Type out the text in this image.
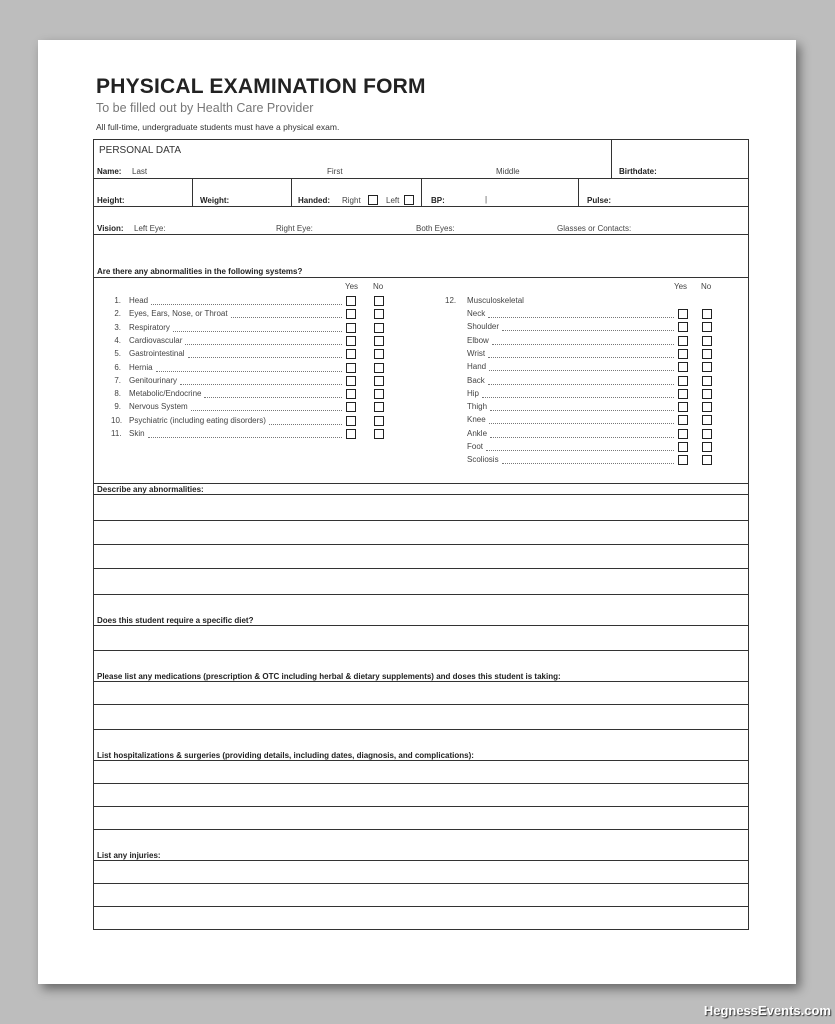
PHYSICAL EXAMINATION FORM
To be filled out by Health Care Provider
All full-time, undergraduate students must have a physical exam.
PERSONAL DATA
Name: Last	First	Middle	Birthdate:
Height:	Weight:	Handed: Right	Left	BP:	|	Pulse:
Vision: Left Eye:	Right Eye:	Both Eyes:	Glasses or Contacts:
Are there any abnormalities in the following systems?
Yes No	Yes No
1. Head
2. Eyes, Ears, Nose, or Throat
3. Respiratory
4. Cardiovascular
5. Gastrointestinal
6. Hernia
7. Genitourinary
8. Metabolic/Endocrine
9. Nervous System
10. Psychiatric (including eating disorders)
11. Skin
12. Musculoskeletal
Neck
Shoulder
Elbow
Wrist
Hand
Back
Hip
Thigh
Knee
Ankle
Foot
Scoliosis
Describe any abnormalities:
Does this student require a specific diet?
Please list any medications (prescription & OTC including herbal & dietary supplements) and doses this student is taking:
List hospitalizations & surgeries (providing details, including dates, diagnosis, and complications):
List any injuries:
HegnessEvents.com
